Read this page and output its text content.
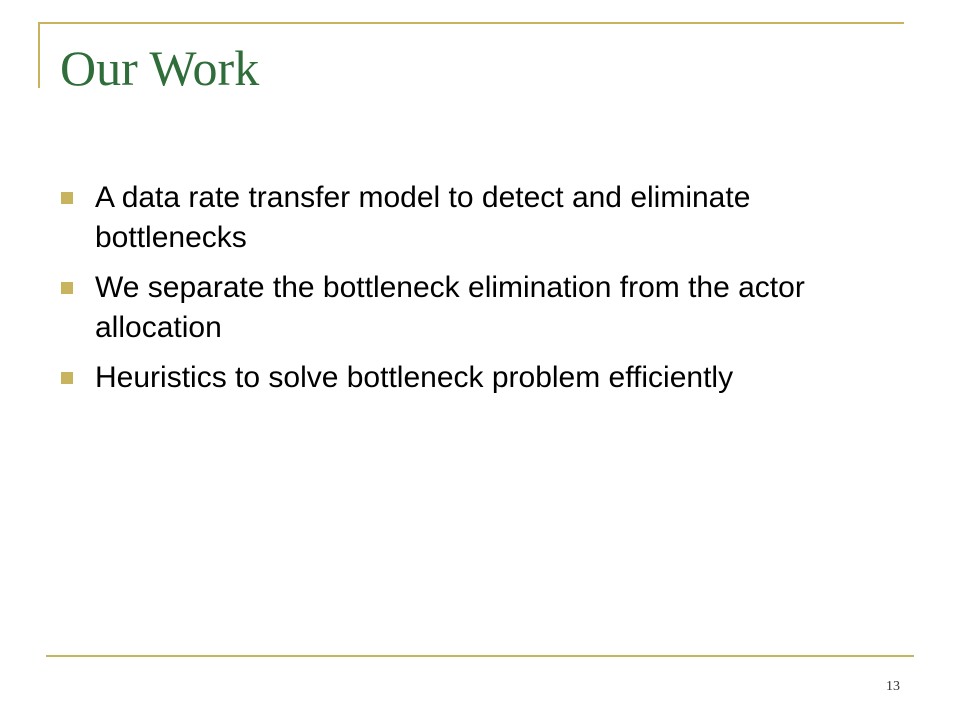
Our Work
A data rate transfer model to detect and eliminate bottlenecks
We separate the bottleneck elimination from the actor allocation
Heuristics to solve bottleneck problem efficiently
13
